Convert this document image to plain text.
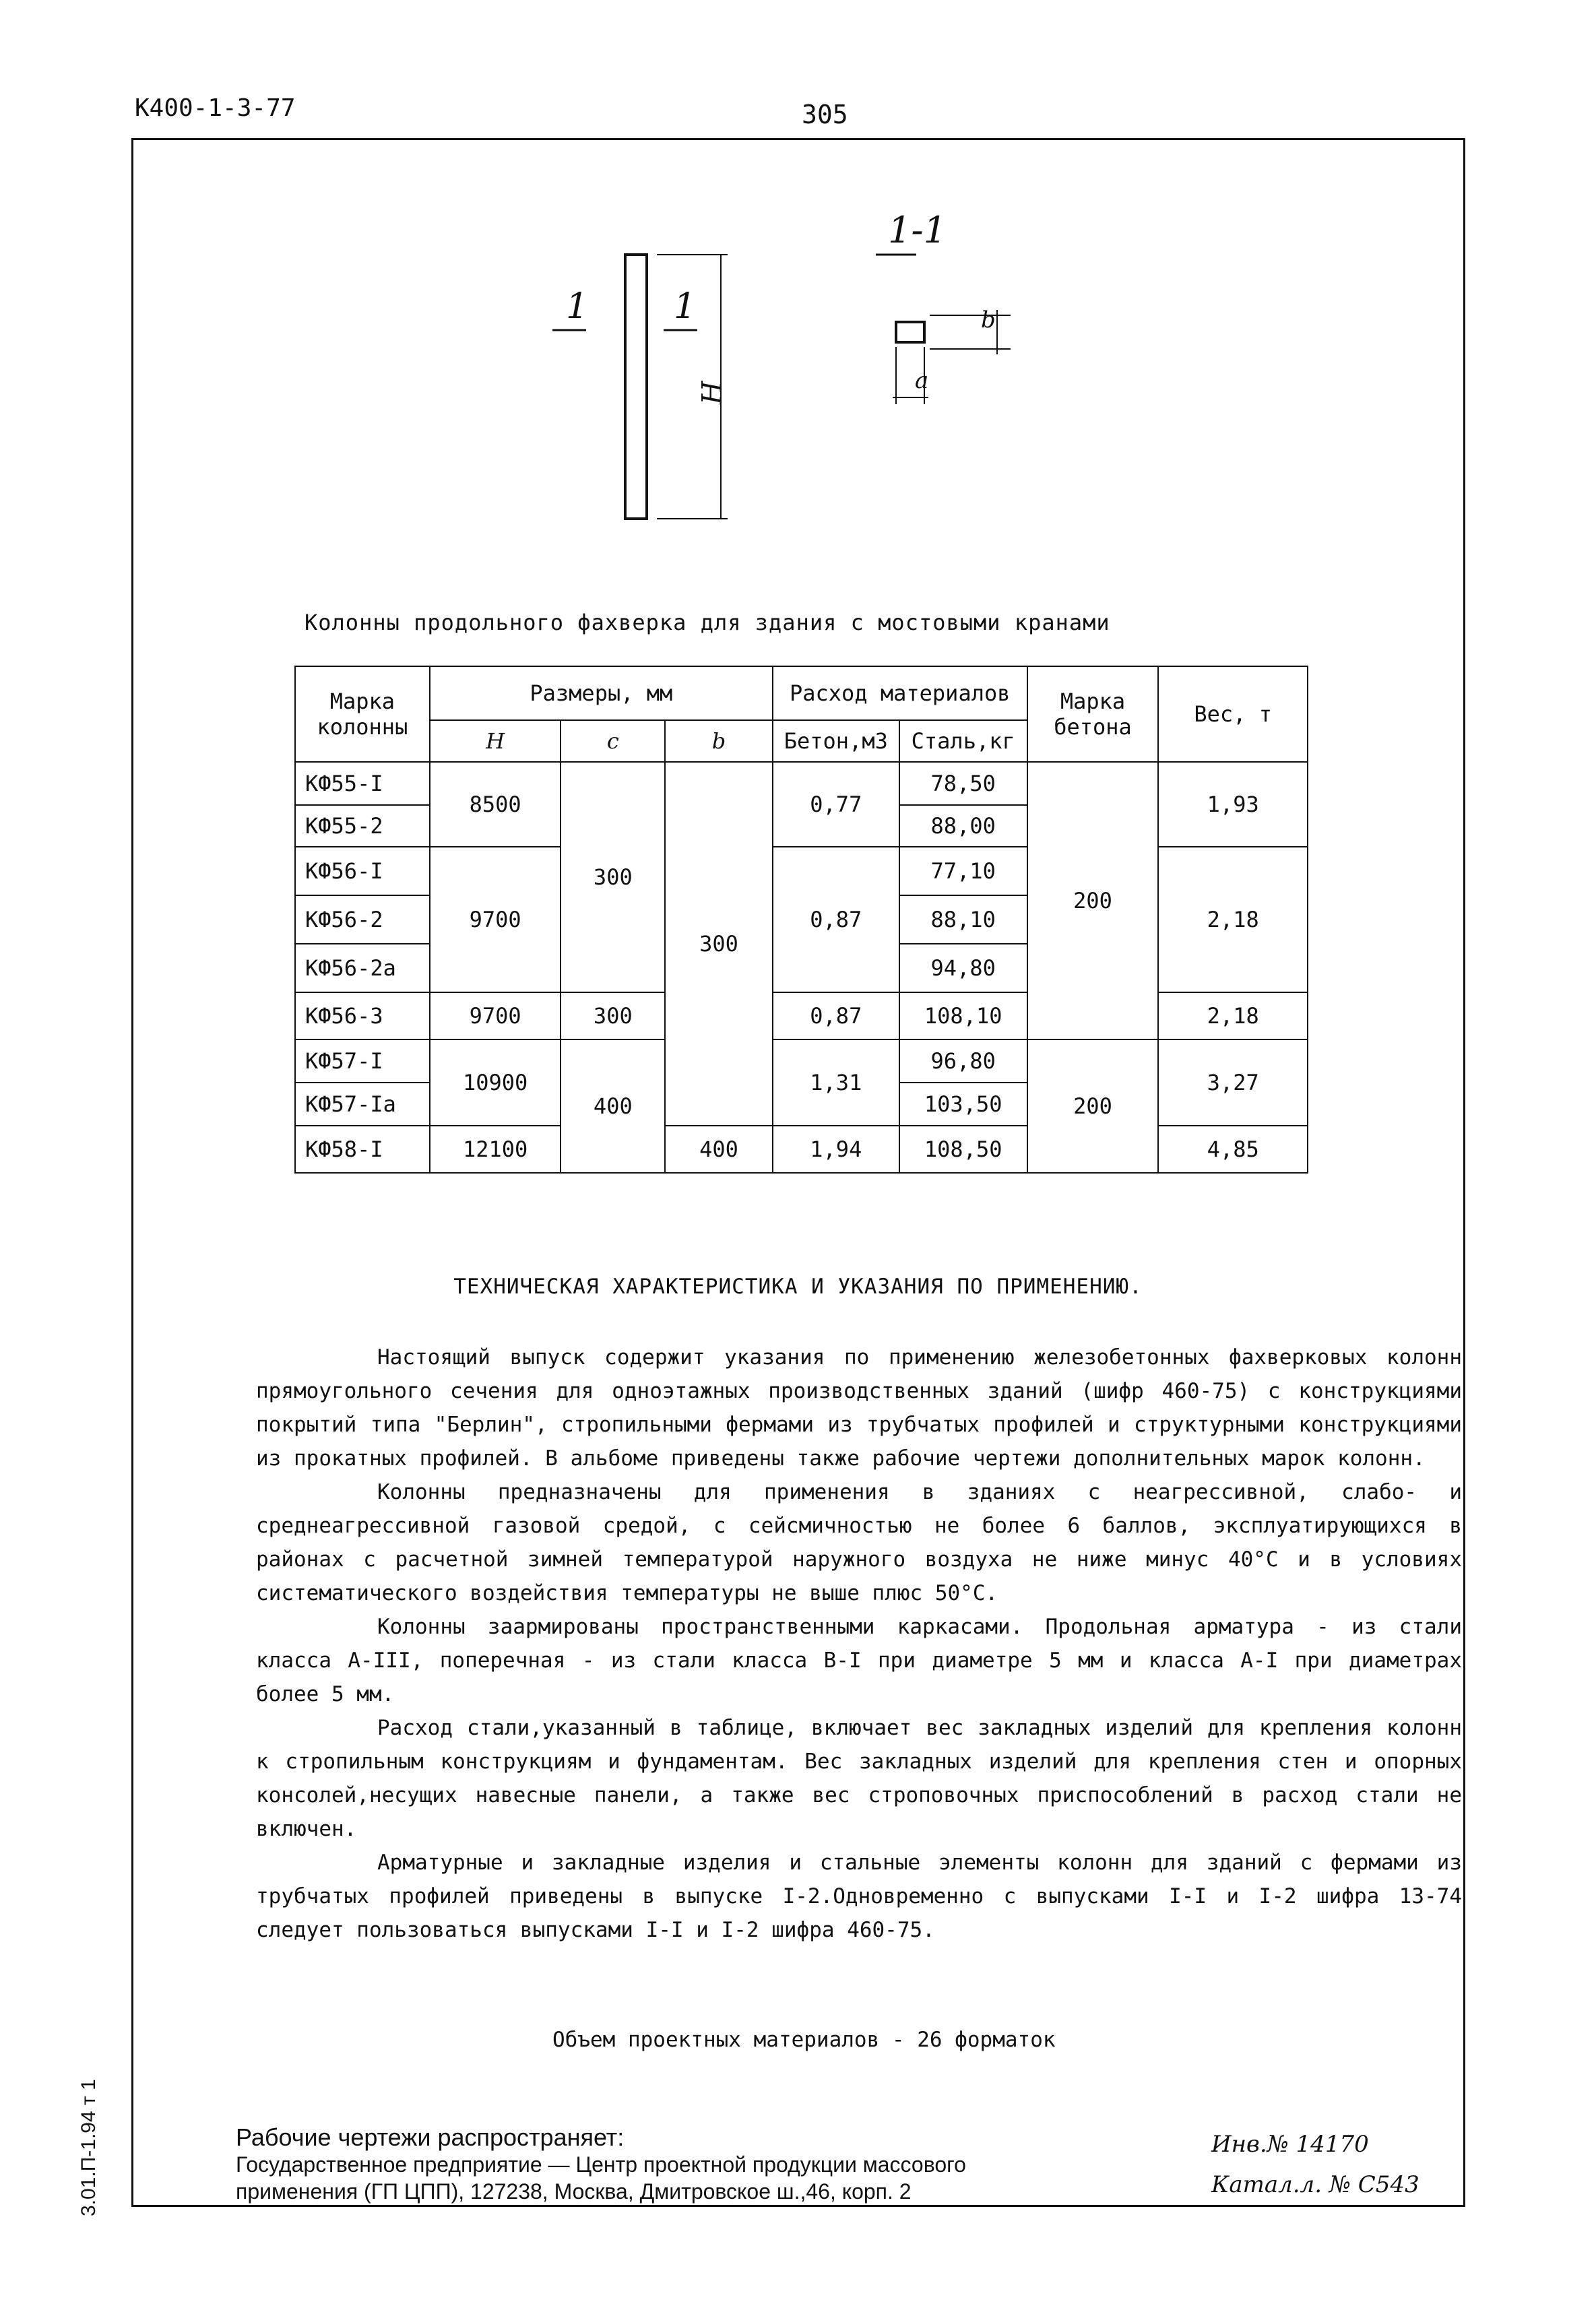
К400-1-3-77	305
1-1
1 1
H	а
b
Колонны продольного фахверка для здания с мостовыми кранами
Марка колонны	Размеры, мм			Расход материалов		Марка бетона	Вес, т
	H	с	b	Бетон,м3	Сталь,кг		
КФ55-I	8500	300	300	0,77	78,50	200	1,93
КФ55-2					88,00		
КФ56-I	9700			0,87	77,10		2,18
КФ56-2					88,10		
КФ56-2а					94,80		
КФ56-3	9700	300		0,87	108,10		2,18
КФ57-I	10900	400		1,31	96,80	200	3,27
КФ57-Iа					103,50		
КФ58-I	12100		400	1,94	108,50		4,85
ТЕХНИЧЕСКАЯ ХАРАКТЕРИСТИКА И УКАЗАНИЯ ПО ПРИМЕНЕНИЮ.

Настоящий выпуск содержит указания по применению железобетонных фахверковых колонн прямоугольного сечения для одноэтажных производственных зданий (шифр 460-75) с конструкциями покрытий типа "Берлин", стропильными фермами из трубчатых профилей и структурными конструкциями из прокатных профилей. В альбоме приведены также рабочие чертежи дополнительных марок колонн.

Колонны предназначены для применения в зданиях с неагрессивной, слабо- и среднеагрессивной газовой средой, с сейсмичностью не более 6 баллов, эксплуатирующихся в районах с расчетной зимней температурой наружного воздуха не ниже минус 40°С и в условиях систематического воздействия температуры не выше плюс 50°С.

Колонны заармированы пространственными каркасами. Продольная арматура - из стали класса А-III, поперечная - из стали класса В-I при диаметре 5 мм и класса А-I при диаметрах более 5 мм.

Расход стали,указанный в таблице, включает вес закладных изделий для крепления колонн к стропильным конструкциям и фундаментам. Вес закладных изделий для крепления стен и опорных консолей,несущих навесные панели, а также вес строповочных приспособлений в расход стали не включен.

Арматурные и закладные изделия и стальные элементы колонн для зданий с фермами из трубчатых профилей приведены в выпуске I-2.Одновременно с выпусками I-I и I-2 шифра 13-74 следует пользоваться выпусками I-I и I-2 шифра 460-75.

Объем проектных материалов - 26 форматок
Рабочие чертежи распространяет:
Государственное предприятие — Центр проектной продукции массового
применения (ГП ЦПП), 127238, Москва, Дмитровское ш.,46, корп. 2
Инв.№ 14170
Катал.л. № С543
3.01.П-1.94 т 1
